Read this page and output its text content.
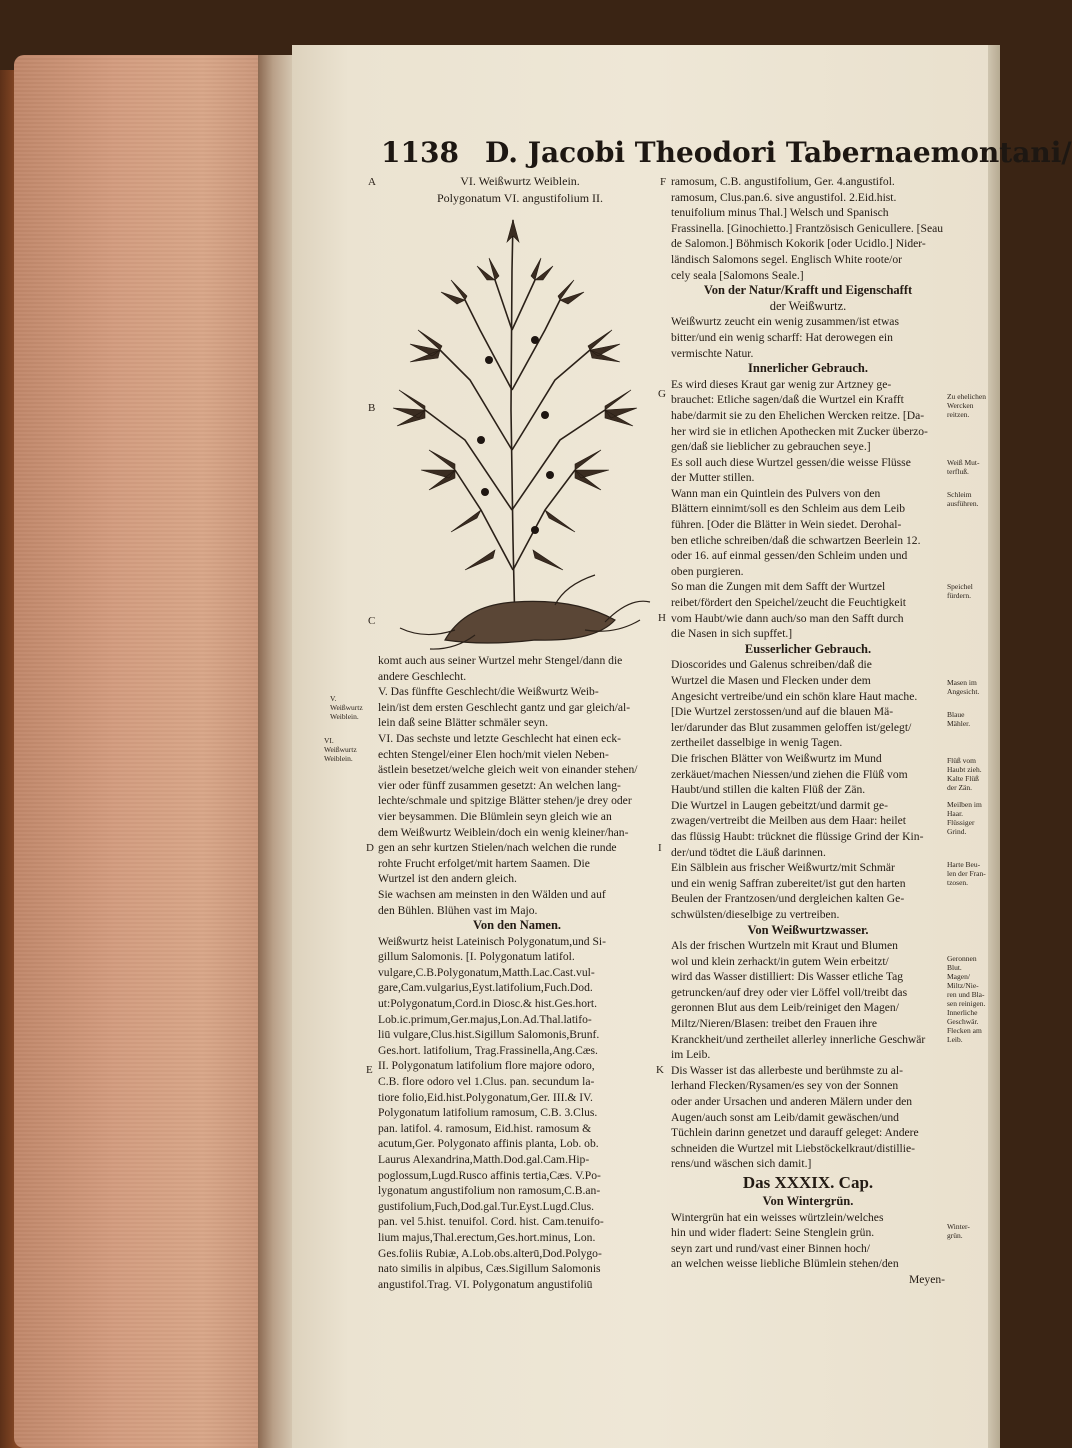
1138 D. Jacobi Theodori Tabernaemontani/
VI. Weißwurtz Weiblein.
Polygonatum VI. angustifolium II.
A
B
C
D
E
F
G
H
I
K
V.
Weißwurtz
Weiblein.
VI.
Weißwurtz
Weiblein.

komt auch aus seiner Wurtzel mehr Stengel/dann die

andere Geschlecht.

V. Das fünffte Geschlecht/die Weißwurtz Weib-

lein/ist dem ersten Geschlecht gantz und gar gleich/al-

lein daß seine Blätter schmäler seyn.

VI. Das sechste und letzte Geschlecht hat einen eck-

echten Stengel/einer Elen hoch/mit vielen Neben-

ästlein besetzet/welche gleich weit von einander stehen/

vier oder fünff zusammen gesetzt: An welchen lang-

lechte/schmale und spitzige Blätter stehen/je drey oder

vier beysammen. Die Blümlein seyn gleich wie an

dem Weißwurtz Weiblein/doch ein wenig kleiner/han-

gen an sehr kurtzen Stielen/nach welchen die runde

rohte Frucht erfolget/mit hartem Saamen. Die

Wurtzel ist den andern gleich.

Sie wachsen am meinsten in den Wälden und auf

den Bühlen. Blühen vast im Majo.

Von den Namen.

Weißwurtz heist Lateinisch Polygonatum,und Si-

gillum Salomonis. [I. Polygonatum latifol.

vulgare,C.B.Polygonatum,Matth.Lac.Cast.vul-

gare,Cam.vulgarius,Eyst.latifolium,Fuch.Dod.

ut:Polygonatum,Cord.in Diosc.& hist.Ges.hort.

Lob.ic.primum,Ger.majus,Lon.Ad.Thal.latifo-

liū vulgare,Clus.hist.Sigillum Salomonis,Brunf.

Ges.hort. latifolium, Trag.Frassinella,Ang.Cæs.

II. Polygonatum latifolium flore majore odoro,

C.B. flore odoro vel 1.Clus. pan. secundum la-

tiore folio,Eid.hist.Polygonatum,Ger. III.& IV.

Polygonatum latifolium ramosum, C.B. 3.Clus.

pan. latifol. 4. ramosum, Eid.hist. ramosum &

acutum,Ger. Polygonato affinis planta, Lob. ob.

Laurus Alexandrina,Matth.Dod.gal.Cam.Hip-

poglossum,Lugd.Rusco affinis tertia,Cæs. V.Po-

lygonatum angustifolium non ramosum,C.B.an-

gustifolium,Fuch,Dod.gal.Tur.Eyst.Lugd.Clus.

pan. vel 5.hist. tenuifol. Cord. hist. Cam.tenuifo-

lium majus,Thal.erectum,Ges.hort.minus, Lon.

Ges.foliis Rubiæ, A.Lob.obs.alterū,Dod.Polygo-

nato similis in alpibus, Cæs.Sigillum Salomonis

angustifol.Trag. VI. Polygonatum angustifoliū

ramosum, C.B. angustifolium, Ger. 4.angustifol.

ramosum, Clus.pan.6. sive angustifol. 2.Eid.hist.

tenuifolium minus Thal.] Welsch und Spanisch

Frassinella. [Ginochietto.] Frantzösisch Genicullere. [Seau

de Salomon.] Böhmisch Kokorik [oder Ucidlo.] Nider-

ländisch Salomons segel. Englisch White roote/or

cely seala [Salomons Seale.]

Von der Natur/Krafft und Eigenschafft

der Weißwurtz.

Weißwurtz zeucht ein wenig zusammen/ist etwas

bitter/und ein wenig scharff: Hat derowegen ein

vermischte Natur.

Innerlicher Gebrauch.

Es wird dieses Kraut gar wenig zur Artzney ge-

brauchet: Etliche sagen/daß die Wurtzel ein Krafft

habe/darmit sie zu den Ehelichen Wercken reitze. [Da-

her wird sie in etlichen Apothecken mit Zucker überzo-

gen/daß sie lieblicher zu gebrauchen seye.]

Es soll auch diese Wurtzel gessen/die weisse Flüsse

der Mutter stillen.

Wann man ein Quintlein des Pulvers von den

Blättern einnimt/soll es den Schleim aus dem Leib

führen. [Oder die Blätter in Wein siedet. Derohal-

ben etliche schreiben/daß die schwartzen Beerlein 12.

oder 16. auf einmal gessen/den Schleim unden und

oben purgieren.

So man die Zungen mit dem Safft der Wurtzel

reibet/fördert den Speichel/zeucht die Feuchtigkeit

vom Haubt/wie dann auch/so man den Safft durch

die Nasen in sich supffet.]

Eusserlicher Gebrauch.

Dioscorides und Galenus schreiben/daß die

Wurtzel die Masen und Flecken under dem

Angesicht vertreibe/und ein schön klare Haut mache.

[Die Wurtzel zerstossen/und auf die blauen Mä-

ler/darunder das Blut zusammen geloffen ist/gelegt/

zertheilet dasselbige in wenig Tagen.

Die frischen Blätter von Weißwurtz im Mund

zerkäuet/machen Niessen/und ziehen die Flüß vom

Haubt/und stillen die kalten Flüß der Zän.

Die Wurtzel in Laugen gebeitzt/und darmit ge-

zwagen/vertreibt die Meilben aus dem Haar: heilet

das flüssig Haubt: trücknet die flüssige Grind der Kin-

der/und tödtet die Läuß darinnen.

Ein Sälblein aus frischer Weißwurtz/mit Schmär

und ein wenig Saffran zubereitet/ist gut den harten

Beulen der Frantzosen/und dergleichen kalten Ge-

schwülsten/dieselbige zu vertreiben.

Von Weißwurtzwasser.

Als der frischen Wurtzeln mit Kraut und Blumen

wol und klein zerhackt/in gutem Wein erbeitzt/

wird das Wasser distilliert: Dis Wasser etliche Tag

getruncken/auf drey oder vier Löffel voll/treibt das

geronnen Blut aus dem Leib/reiniget den Magen/

Miltz/Nieren/Blasen: treibet den Frauen ihre

Kranckheit/und zertheilet allerley innerliche Geschwär

im Leib.

Dis Wasser ist das allerbeste und berühmste zu al-

lerhand Flecken/Rysamen/es sey von der Sonnen

oder ander Ursachen und anderen Mälern under den

Augen/auch sonst am Leib/damit gewäschen/und

Tüchlein darinn genetzet und darauff geleget: Andere

schneiden die Wurtzel mit Liebstöckelkraut/distillie-

rens/und wäschen sich damit.]

Das XXXIX. Cap.

Von Wintergrün.

Wintergrün hat ein weisses würtzlein/welches

hin und wider fladert: Seine Stenglein grün.

seyn zart und rund/vast einer Binnen hoch/

an welchen weisse liebliche Blümlein stehen/den

Meyen-

Zu ehelichen
Wercken
reitzen.
Weiß Mut-
terfluß.
Schleim
ausführen.
Speichel
fürdern.
Masen im
Angesicht.
Blaue
Mähler.
Flüß vom
Haubt zieh.
Kalte Flüß
der Zän.
Meilben im
Haar.
Flüssiger
Grind.
Harte Beu-
len der Fran-
tzosen.
Geronnen
Blut.
Magen/
Miltz/Nie-
ren und Bla-
sen reinigen.
Innerliche
Geschwär.
Flecken am
Leib.
Winter-
grün.
